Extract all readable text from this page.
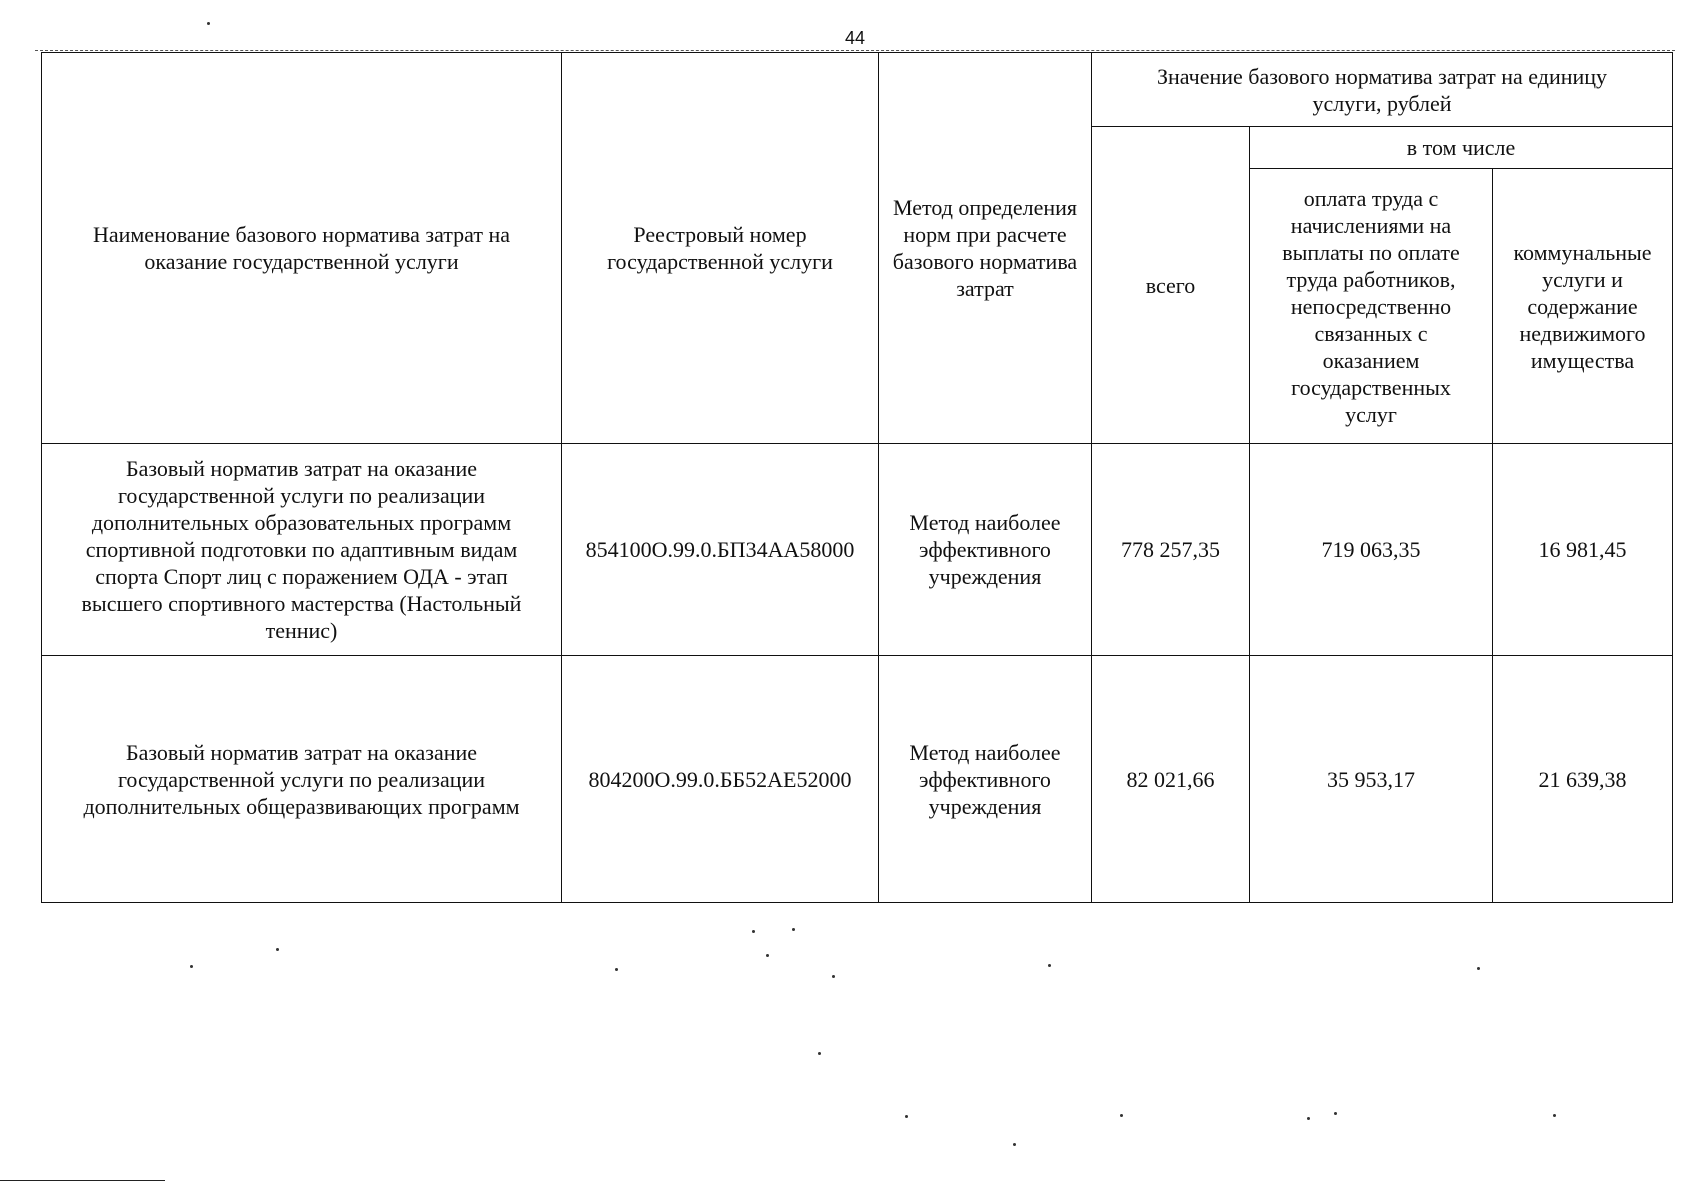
44
Наименование базового норматива затрат на оказание государственной услуги	Реестровый номер государственной услуги	Метод определения норм при расчете базового норматива затрат	Значение базового норматива затрат на единицу услуги, рублей		
			всего	в том числе	
				оплата труда с начислениями на выплаты по оплате труда работников, непосредственно связанных с оказанием государственных услуг	коммунальные услуги и содержание недвижимого имущества
Базовый норматив затрат на оказание государственной услуги по реализации дополнительных образовательных программ спортивной подготовки по адаптивным видам спорта Спорт лиц с поражением ОДА - этап высшего спортивного мастерства (Настольный теннис)	854100О.99.0.БП34АА58000	Метод наиболее эффективного учреждения	778 257,35	719 063,35	16 981,45
Базовый норматив затрат на оказание государственной услуги по реализации дополнительных общеразвивающих программ	804200О.99.0.ББ52АЕ52000	Метод наиболее эффективного учреждения	82 021,66	35 953,17	21 639,38
